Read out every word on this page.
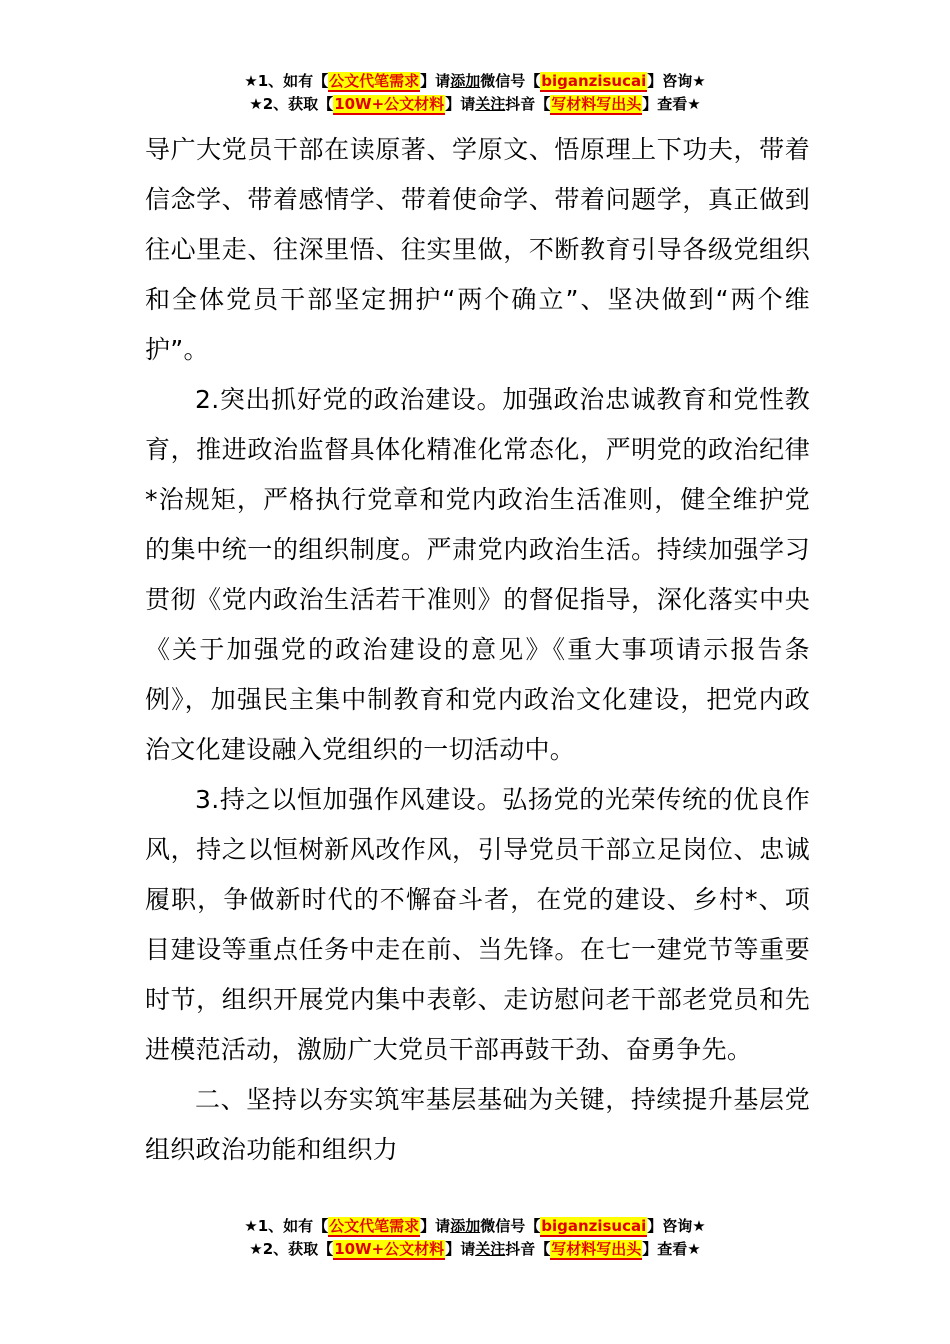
★1、如有【公文代笔需求】请添加微信号【biganzisucai】咨询★
★2、获取【10W+公文材料】请关注抖音【写材料写出头】查看★

导广大党员干部在读原著、学原文、悟原理上下功夫，带着信念学、带着感情学、带着使命学、带着问题学，真正做到往心里走、往深里悟、往实里做，不断教育引导各级党组织和全体党员干部坚定拥护“两个确立”、坚决做到“两个维护”。

2.突出抓好党的政治建设。加强政治忠诚教育和党性教育，推进政治监督具体化精准化常态化，严明党的政治纪律*治规矩，严格执行党章和党内政治生活准则，健全维护党的集中统一的组织制度。严肃党内政治生活。持续加强学习贯彻《党内政治生活若干准则》的督促指导，深化落实中央《关于加强党的政治建设的意见》《重大事项请示报告条例》，加强民主集中制教育和党内政治文化建设，把党内政治文化建设融入党组织的一切活动中。

3.持之以恒加强作风建设。弘扬党的光荣传统的优良作风，持之以恒树新风改作风，引导党员干部立足岗位、忠诚履职，争做新时代的不懈奋斗者，在党的建设、乡村*、项目建设等重点任务中走在前、当先锋。在七一建党节等重要时节，组织开展党内集中表彰、走访慰问老干部老党员和先进模范活动，激励广大党员干部再鼓干劲、奋勇争先。

二、坚持以夯实筑牢基层基础为关键，持续提升基层党组织政治功能和组织力

★1、如有【公文代笔需求】请添加微信号【biganzisucai】咨询★
★2、获取【10W+公文材料】请关注抖音【写材料写出头】查看★
